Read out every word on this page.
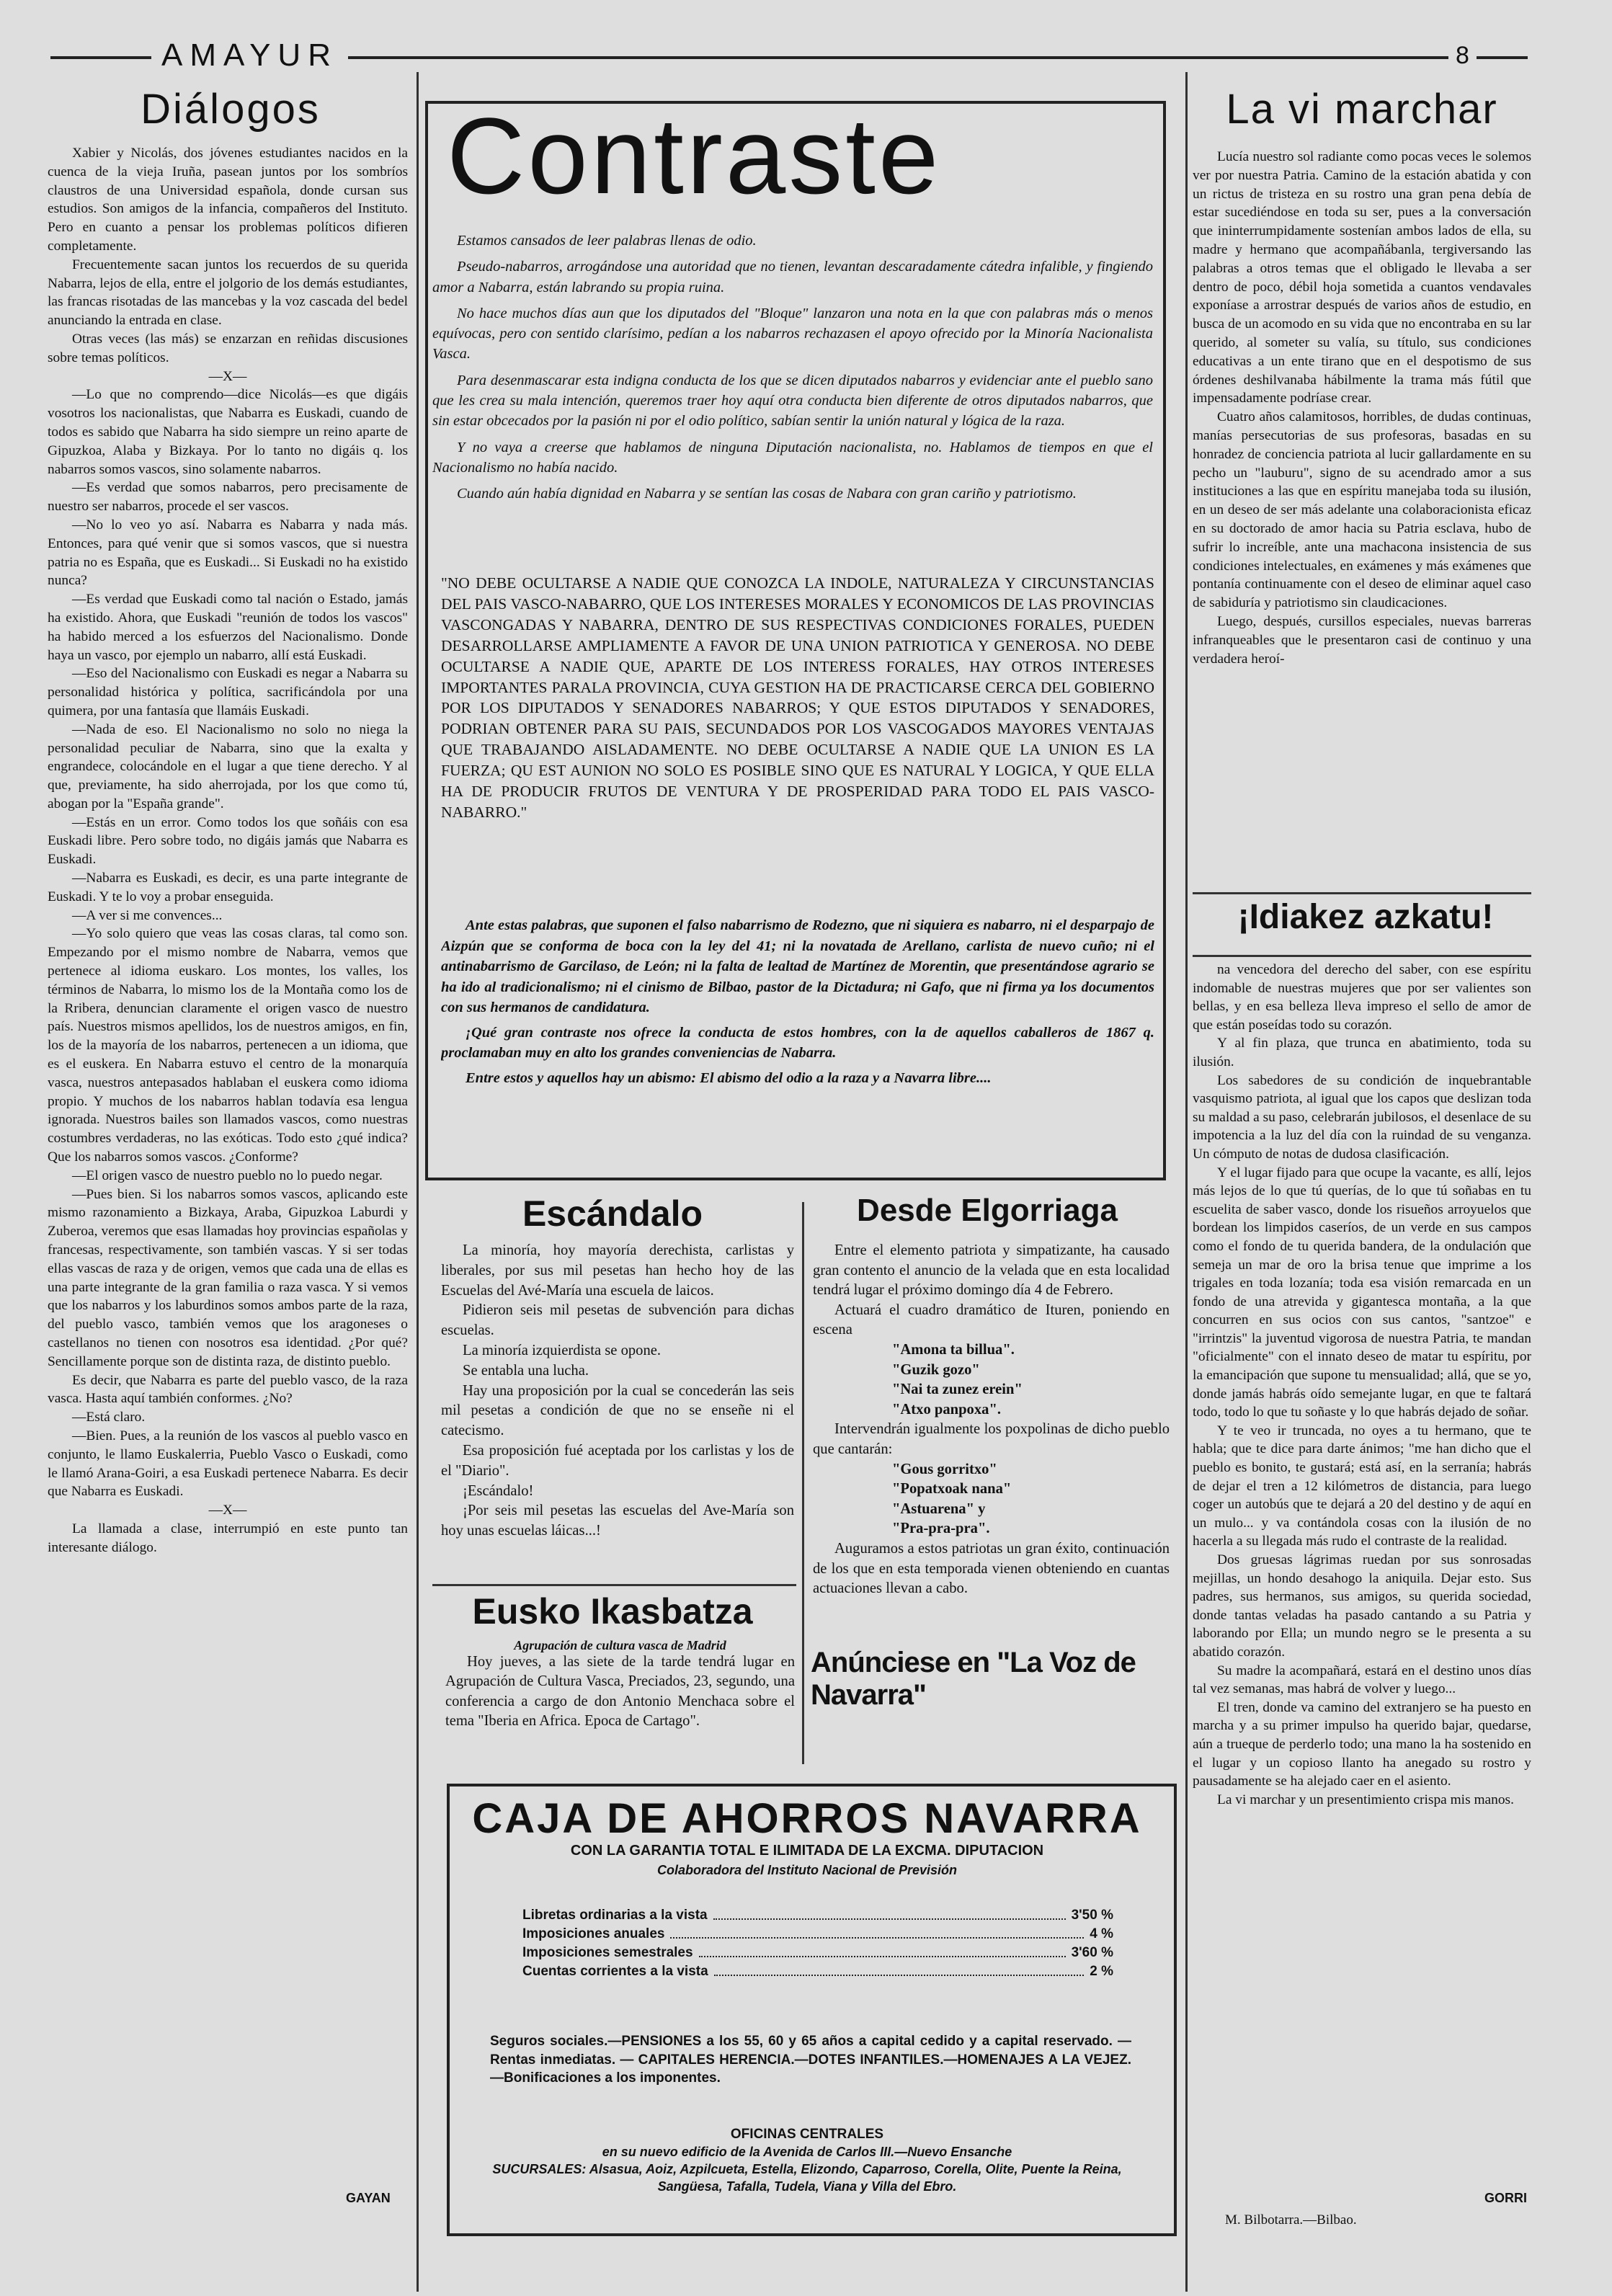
AMAYUR	8
Diálogos

Xabier y Nicolás, dos jóvenes estudiantes nacidos en la cuenca de la vieja Iruña, pasean juntos por los sombríos claustros de una Universidad española, donde cursan sus estudios. Son amigos de la infancia, compañeros del Instituto. Pero en cuanto a pensar los problemas políticos difieren completamente.

Frecuentemente sacan juntos los recuerdos de su querida Nabarra, lejos de ella, entre el jolgorio de los demás estudiantes, las francas risotadas de las mancebas y la voz cascada del bedel anunciando la entrada en clase.

Otras veces (las más) se enzarzan en reñidas discusiones sobre temas políticos.

—X—

—Lo que no comprendo—dice Nicolás—es que digáis vosotros los nacionalistas, que Nabarra es Euskadi, cuando de todos es sabido que Nabarra ha sido siempre un reino aparte de Gipuzkoa, Alaba y Bizkaya. Por lo tanto no digáis q. los nabarros somos vascos, sino solamente nabarros.

—Es verdad que somos nabarros, pero precisamente de nuestro ser nabarros, procede el ser vascos.

—No lo veo yo así. Nabarra es Nabarra y nada más. Entonces, para qué venir que si somos vascos, que si nuestra patria no es España, que es Euskadi... Si Euskadi no ha existido nunca?

—Es verdad que Euskadi como tal nación o Estado, jamás ha existido. Ahora, que Euskadi "reunión de todos los vascos" ha habido merced a los esfuerzos del Nacionalismo. Donde haya un vasco, por ejemplo un nabarro, allí está Euskadi.

—Eso del Nacionalismo con Euskadi es negar a Nabarra su personalidad histórica y política, sacrificándola por una quimera, por una fantasía que llamáis Euskadi.

—Nada de eso. El Nacionalismo no solo no niega la personalidad peculiar de Nabarra, sino que la exalta y engrandece, colocándole en el lugar a que tiene derecho. Y al que, previamente, ha sido aherrojada, por los que como tú, abogan por la "España grande".

—Estás en un error. Como todos los que soñáis con esa Euskadi libre. Pero sobre todo, no digáis jamás que Nabarra es Euskadi.

—Nabarra es Euskadi, es decir, es una parte integrante de Euskadi. Y te lo voy a probar enseguida.

—A ver si me convences...

—Yo solo quiero que veas las cosas claras, tal como son. Empezando por el mismo nombre de Nabarra, vemos que pertenece al idioma euskaro. Los montes, los valles, los términos de Nabarra, lo mismo los de la Montaña como los de la Rribera, denuncian claramente el origen vasco de nuestro país. Nuestros mismos apellidos, los de nuestros amigos, en fin, los de la mayoría de los nabarros, pertenecen a un idioma, que es el euskera. En Nabarra estuvo el centro de la monarquía vasca, nuestros antepasados hablaban el euskera como idioma propio. Y muchos de los nabarros hablan todavía esa lengua ignorada. Nuestros bailes son llamados vascos, como nuestras costumbres verdaderas, no las exóticas. Todo esto ¿qué indica? Que los nabarros somos vascos. ¿Conforme?

—El origen vasco de nuestro pueblo no lo puedo negar.

—Pues bien. Si los nabarros somos vascos, aplicando este mismo razonamiento a Bizkaya, Araba, Gipuzkoa Laburdi y Zuberoa, veremos que esas llamadas hoy provincias españolas y francesas, respectivamente, son también vascas. Y si ser todas ellas vascas de raza y de origen, vemos que cada una de ellas es una parte integrante de la gran familia o raza vasca. Y si vemos que los nabarros y los laburdinos somos ambos parte de la raza, del pueblo vasco, también vemos que los aragoneses o castellanos no tienen con nosotros esa identidad. ¿Por qué? Sencillamente porque son de distinta raza, de distinto pueblo.

Es decir, que Nabarra es parte del pueblo vasco, de la raza vasca. Hasta aquí también conformes. ¿No?

—Está claro.

—Bien. Pues, a la reunión de los vascos al pueblo vasco en conjunto, le llamo Euskalerria, Pueblo Vasco o Euskadi, como le llamó Arana-Goiri, a esa Euskadi pertenece Nabarra. Es decir que Nabarra es Euskadi.

—X—

La llamada a clase, interrumpió en este punto tan interesante diálogo.

GAYAN
Contraste

Estamos cansados de leer palabras llenas de odio.

Pseudo-nabarros, arrogándose una autoridad que no tienen, levantan descaradamente cátedra infalible, y fingiendo amor a Nabarra, están labrando su propia ruina.

No hace muchos días aun que los diputados del "Bloque" lanzaron una nota en la que con palabras más o menos equívocas, pero con sentido clarísimo, pedían a los nabarros rechazasen el apoyo ofrecido por la Minoría Nacionalista Vasca.

Para desenmascarar esta indigna conducta de los que se dicen diputados nabarros y evidenciar ante el pueblo sano que les crea su mala intención, queremos traer hoy aquí otra conducta bien diferente de otros diputados nabarros, que sin estar obcecados por la pasión ni por el odio político, sabían sentir la unión natural y lógica de la raza.

Y no vaya a creerse que hablamos de ninguna Diputación nacionalista, no. Hablamos de tiempos en que el Nacionalismo no había nacido.

Cuando aún había dignidad en Nabarra y se sentían las cosas de Nabara con gran cariño y patriotismo.

"NO DEBE OCULTARSE A NADIE QUE CONOZCA LA INDOLE, NATURALEZA Y CIRCUNSTANCIAS DEL PAIS VASCO-NABARRO, QUE LOS INTERESES MORALES Y ECONOMICOS DE LAS PROVINCIAS VASCONGADAS Y NABARRA, DENTRO DE SUS RESPECTIVAS CONDICIONES FORALES, PUEDEN DESARROLLARSE AMPLIAMENTE A FAVOR DE UNA UNION PATRIOTICA Y GENEROSA. NO DEBE OCULTARSE A NADIE QUE, APARTE DE LOS INTERESS FORALES, HAY OTROS INTERESES IMPORTANTES PARALA PROVINCIA, CUYA GESTION HA DE PRACTICARSE CERCA DEL GOBIERNO POR LOS DIPUTADOS Y SENADORES NABARROS; Y QUE ESTOS DIPUTADOS Y SENADORES, PODRIAN OBTENER PARA SU PAIS, SECUNDADOS POR LOS VASCOGADOS MAYORES VENTAJAS QUE TRABAJANDO AISLADAMENTE. NO DEBE OCULTARSE A NADIE QUE LA UNION ES LA FUERZA; QU EST AUNION NO SOLO ES POSIBLE SINO QUE ES NATURAL Y LOGICA, Y QUE ELLA HA DE PRODUCIR FRUTOS DE VENTURA Y DE PROSPERIDAD PARA TODO EL PAIS VASCO-NABARRO."

Ante estas palabras, que suponen el falso nabarrismo de Rodezno, que ni siquiera es nabarro, ni el desparpajo de Aizpún que se conforma de boca con la ley del 41; ni la novatada de Arellano, carlista de nuevo cuño; ni el antinabarrismo de Garcilaso, de León; ni la falta de lealtad de Martínez de Morentin, que presentándose agrario se ha ido al tradicionalismo; ni el cinismo de Bilbao, pastor de la Dictadura; ni Gafo, que ni firma ya los documentos con sus hermanos de candidatura.

¡Qué gran contraste nos ofrece la conducta de estos hombres, con la de aquellos caballeros de 1867 q. proclamaban muy en alto los grandes conveniencias de Nabarra.

Entre estos y aquellos hay un abismo: El abismo del odio a la raza y a Navarra libre....

Escándalo

La minoría, hoy mayoría derechista, carlistas y liberales, por sus mil pesetas han hecho hoy de las Escuelas del Avé-María una escuela de laicos.

Pidieron seis mil pesetas de subvención para dichas escuelas.

La minoría izquierdista se opone.

Se entabla una lucha.

Hay una proposición por la cual se concederán las seis mil pesetas a condición de que no se enseñe ni el catecismo.

Esa proposición fué aceptada por los carlistas y los de el "Diario".

¡Escándalo!

¡Por seis mil pesetas las escuelas del Ave-María son hoy unas escuelas láicas...!

Eusko Ikasbatza
Agrupación de cultura vasca de Madrid
Hoy jueves, a las siete de la tarde tendrá lugar en Agrupación de Cultura Vasca, Preciados, 23, segundo, una conferencia a cargo de don Antonio Menchaca sobre el tema "Iberia en Africa. Epoca de Cartago".
Desde Elgorriaga

Entre el elemento patriota y simpatizante, ha causado gran contento el anuncio de la velada que en esta localidad tendrá lugar el próximo domingo día 4 de Febrero.

Actuará el cuadro dramático de Ituren, poniendo en escena

"Amona ta billua".

"Guzik gozo"

"Nai ta zunez erein"

"Atxo panpoxa".

Intervendrán igualmente los poxpolinas de dicho pueblo que cantarán:

"Gous gorritxo"

"Popatxoak nana"

"Astuarena" y

"Pra-pra-pra".

Auguramos a estos patriotas un gran éxito, continuación de los que en esta temporada vienen obteniendo en cuantas actuaciones llevan a cabo.

Anúnciese en "La Voz de Navarra"
CAJA DE AHORROS NAVARRA
CON LA GARANTIA TOTAL E ILIMITADA DE LA EXCMA. DIPUTACION
Colaboradora del Instituto Nacional de Previsión
Libretas ordinarias a la vista	3'50 %
Imposiciones anuales	4 %
Imposiciones semestrales	3'60 %
Cuentas corrientes a la vista	2 %
Seguros sociales.—PENSIONES a los 55, 60 y 65 años a capital cedido y a capital reservado. — Rentas inmediatas. — CAPITALES HERENCIA.—DOTES INFANTILES.—HOMENAJES A LA VEJEZ.—Bonificaciones a los imponentes.
OFICINAS CENTRALES
en su nuevo edificio de la Avenida de Carlos III.—Nuevo Ensanche
SUCURSALES: Alsasua, Aoiz, Azpilcueta, Estella, Elizondo, Caparroso, Corella, Olite, Puente la Reina, Sangüesa, Tafalla, Tudela, Viana y Villa del Ebro.
La vi marchar

Lucía nuestro sol radiante como pocas veces le solemos ver por nuestra Patria. Camino de la estación abatida y con un rictus de tristeza en su rostro una gran pena debía de estar sucediéndose en toda su ser, pues a la conversación que ininterrumpidamente sostenían ambos lados de ella, su madre y hermano que acompañábanla, tergiversando las palabras a otros temas que el obligado le llevaba a ser dentro de poco, débil hoja sometida a cuantos vendavales exponíase a arrostrar después de varios años de estudio, en busca de un acomodo en su vida que no encontraba en su lar querido, al someter su valía, su título, sus condiciones educativas a un ente tirano que en el despotismo de sus órdenes deshilvanaba hábilmente la trama más fútil que impensadamente podríase crear.

Cuatro años calamitosos, horribles, de dudas continuas, manías persecutorias de sus profesoras, basadas en su honradez de conciencia patriota al lucir gallardamente en su pecho un "lauburu", signo de su acendrado amor a sus instituciones a las que en espíritu manejaba toda su ilusión, en un deseo de ser más adelante una colaboracionista eficaz en su doctorado de amor hacia su Patria esclava, hubo de sufrir lo increíble, ante una machacona insistencia de sus condiciones intelectuales, en exámenes y más exámenes que pontanía continuamente con el deseo de eliminar aquel caso de sabiduría y patriotismo sin claudicaciones.

Luego, después, cursillos especiales, nuevas barreras infranqueables que le presentaron casi de continuo y una verdadera heroí-

¡Idiakez azkatu!

na vencedora del derecho del saber, con ese espíritu indomable de nuestras mujeres que por ser valientes son bellas, y en esa belleza lleva impreso el sello de amor de que están poseídas todo su corazón.

Y al fin plaza, que trunca en abatimiento, toda su ilusión.

Los sabedores de su condición de inquebrantable vasquismo patriota, al igual que los capos que deslizan toda su maldad a su paso, celebrarán jubilosos, el desenlace de su impotencia a la luz del día con la ruindad de su venganza. Un cómputo de notas de dudosa clasificación.

Y el lugar fijado para que ocupe la vacante, es allí, lejos más lejos de lo que tú querías, de lo que tú soñabas en tu escuelita de saber vasco, donde los risueños arroyuelos que bordean los limpidos caseríos, de un verde en sus campos como el fondo de tu querida bandera, de la ondulación que semeja un mar de oro la brisa tenue que imprime a los trigales en toda lozanía; toda esa visión remarcada en un fondo de una atrevida y gigantesca montaña, a la que concurren en sus ocios con sus cantos, "santzoe" e "irrintzis" la juventud vigorosa de nuestra Patria, te mandan "oficialmente" con el innato deseo de matar tu espíritu, por la emancipación que supone tu mensualidad; allá, que se yo, donde jamás habrás oído semejante lugar, en que te faltará todo, todo lo que tu soñaste y lo que habrás dejado de soñar.

Y te veo ir truncada, no oyes a tu hermano, que te habla; que te dice para darte ánimos; "me han dicho que el pueblo es bonito, te gustará; está así, en la serranía; habrás de dejar el tren a 12 kilómetros de distancia, para luego coger un autobús que te dejará a 20 del destino y de aquí en un mulo... y va contándola cosas con la ilusión de no hacerla a su llegada más rudo el contraste de la realidad.

Dos gruesas lágrimas ruedan por sus sonrosadas mejillas, un hondo desahogo la aniquila. Dejar esto. Sus padres, sus hermanos, sus amigos, su querida sociedad, donde tantas veladas ha pasado cantando a su Patria y laborando por Ella; un mundo negro se le presenta a su abatido corazón.

Su madre la acompañará, estará en el destino unos días tal vez semanas, mas habrá de volver y luego...

El tren, donde va camino del extranjero se ha puesto en marcha y a su primer impulso ha querido bajar, quedarse, aún a trueque de perderlo todo; una mano la ha sostenido en el lugar y un copioso llanto ha anegado su rostro y pausadamente se ha alejado caer en el asiento.

La vi marchar y un presentimiento crispa mis manos.

GORRI
M. Bilbotarra.—Bilbao.
